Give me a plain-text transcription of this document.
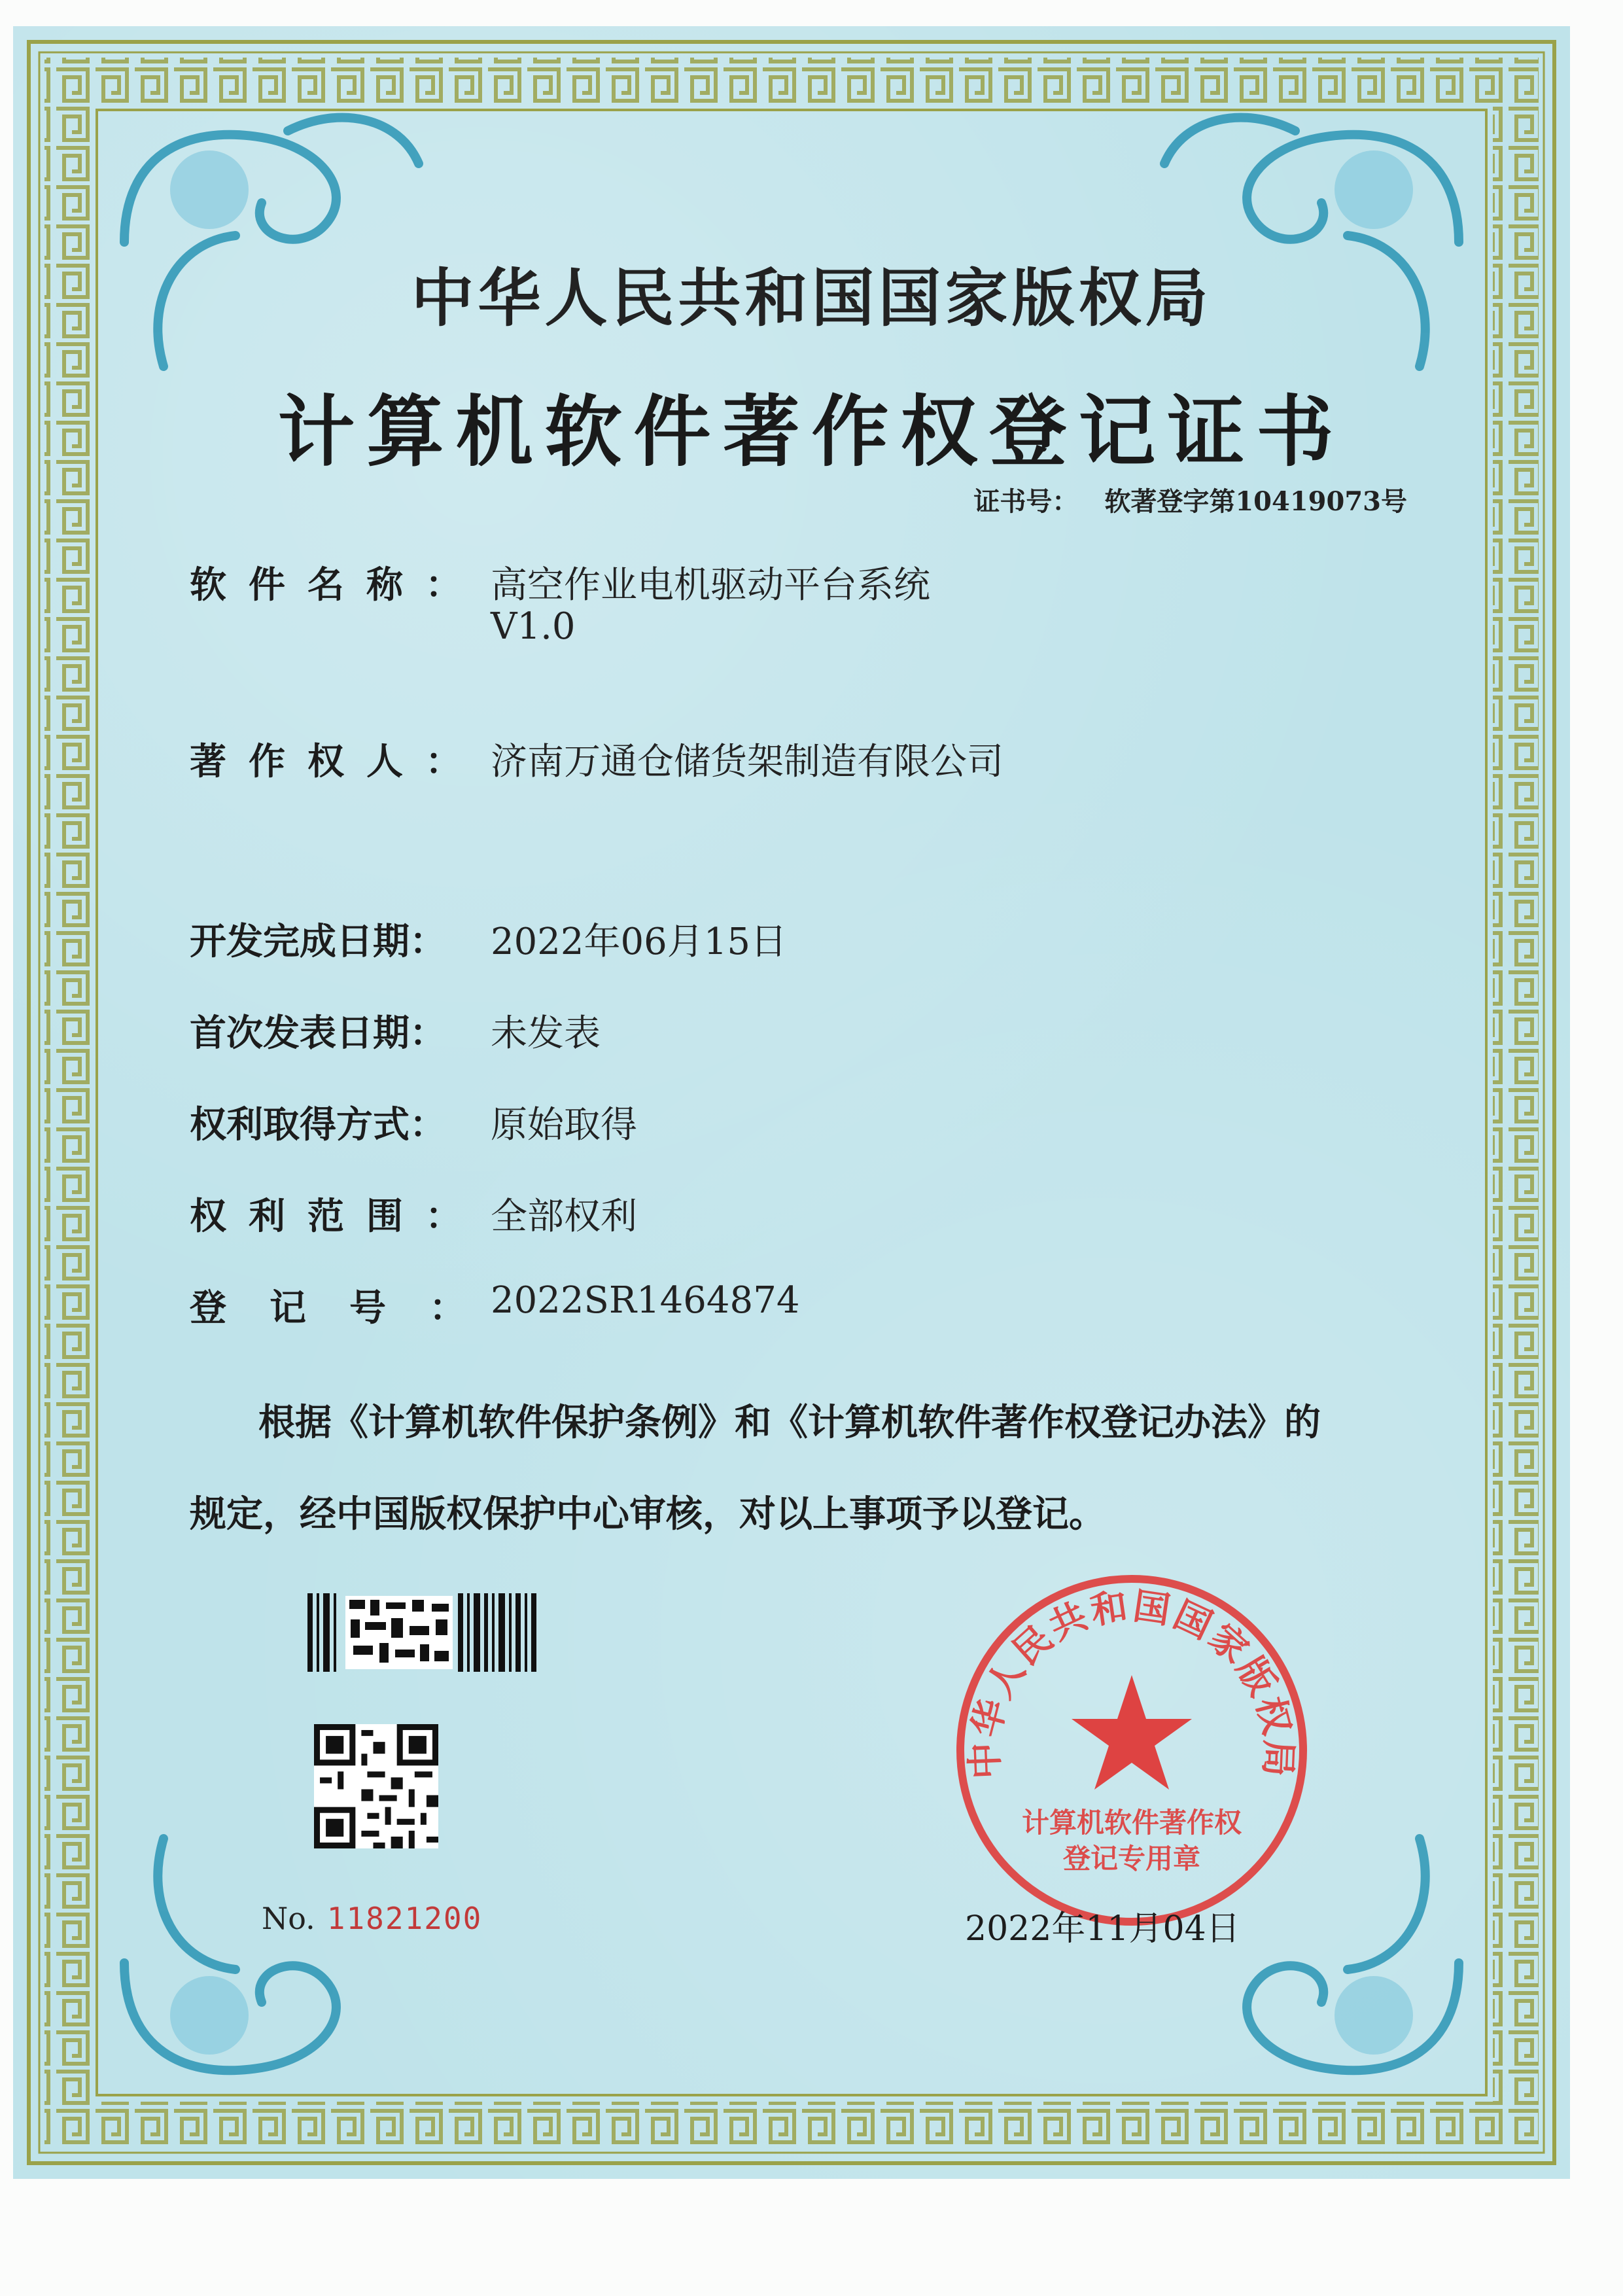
中华人民共和国国家版权局
计算机软件著作权登记证书
证书号： 软著登字第10419073号
软件名称： 高空作业电机驱动平台系统
V1.0
著作权人： 济南万通仓储货架制造有限公司
开发完成日期： 2022年06月15日
首次发表日期： 未发表
权利取得方式： 原始取得
权利范围： 全部权利
登记号：
2022SR1464874
根据《计算机软件保护条例》和《计算机软件著作权登记办法》的
规定，经中国版权保护中心审核，对以上事项予以登记。
No. 11821200
中华人民共和国国家版权局
计算机软件著作权
登记专用章
2022年11月04日
